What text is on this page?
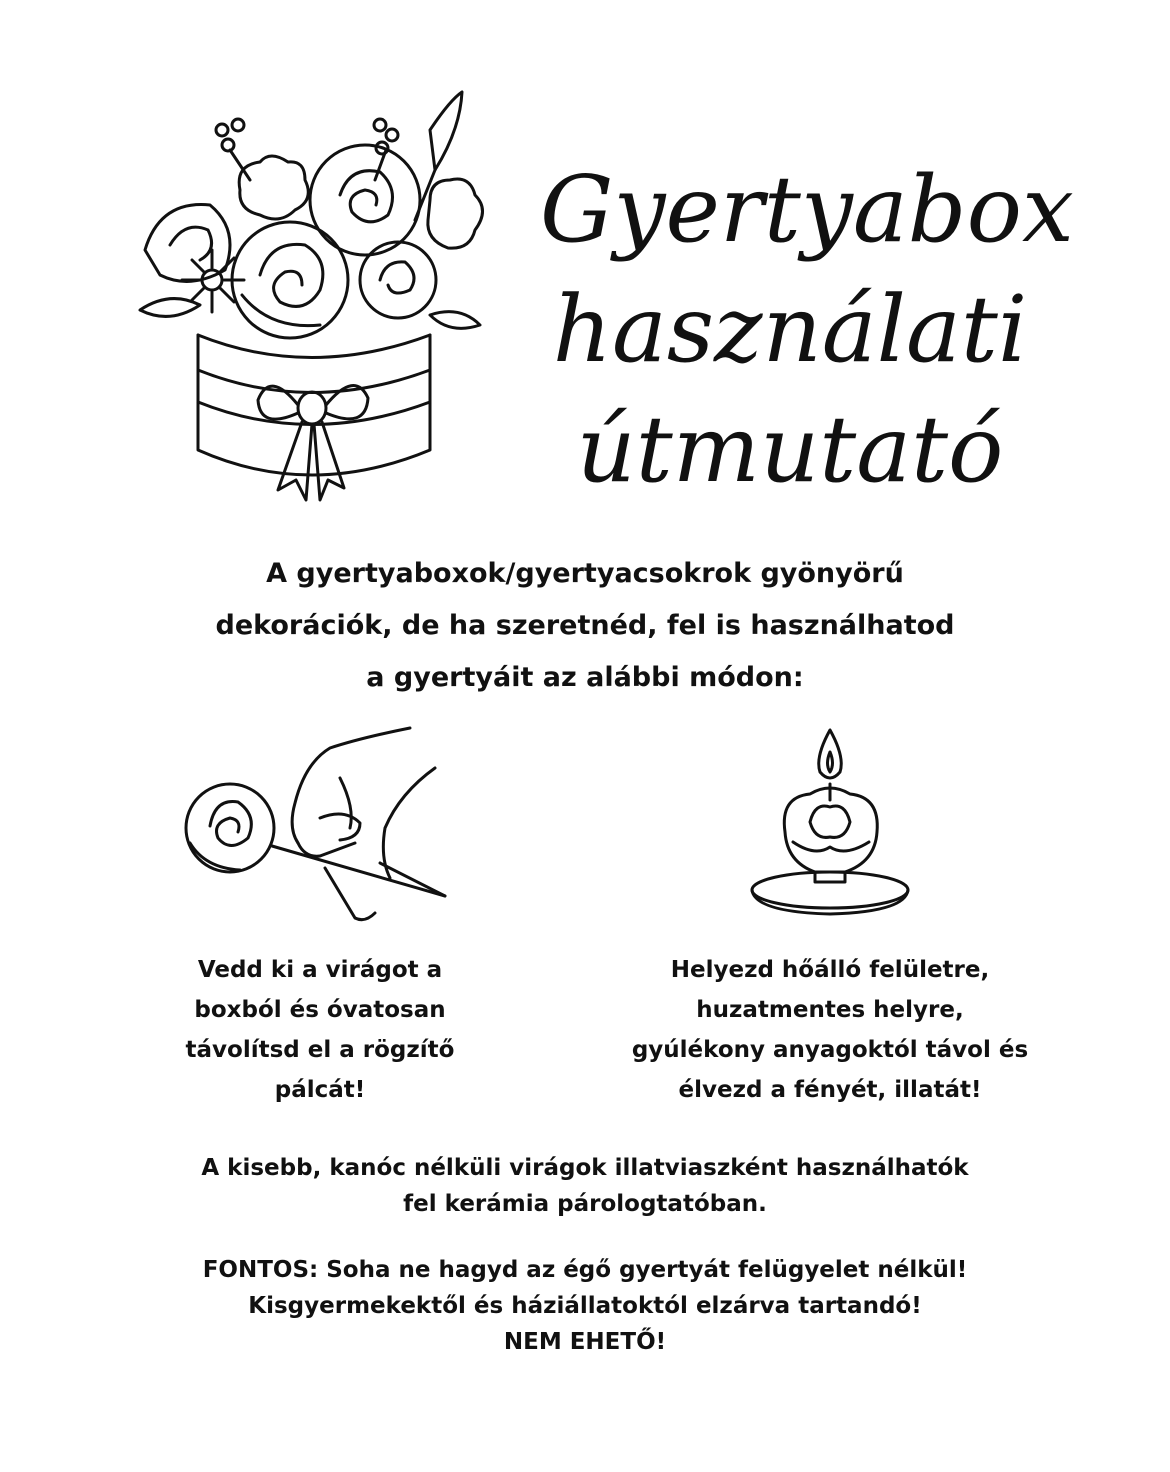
Gyertyabox
használati
útmutató
A gyertyaboxok/gyertyacsokrok gyönyörű
dekorációk, de ha szeretnéd, fel is használhatod
a gyertyáit az alábbi módon:
Vedd ki a virágot a
boxból és óvatosan
távolítsd el a rögzítő
pálcát!
Helyezd hőálló felületre,
huzatmentes helyre,
gyúlékony anyagoktól távol és
élvezd a fényét, illatát!
A kisebb, kanóc nélküli virágok illatviaszként használhatók
fel kerámia párologtatóban.
FONTOS: Soha ne hagyd az égő gyertyát felügyelet nélkül!
Kisgyermekektől és háziállatoktól elzárva tartandó!
NEM EHETŐ!
